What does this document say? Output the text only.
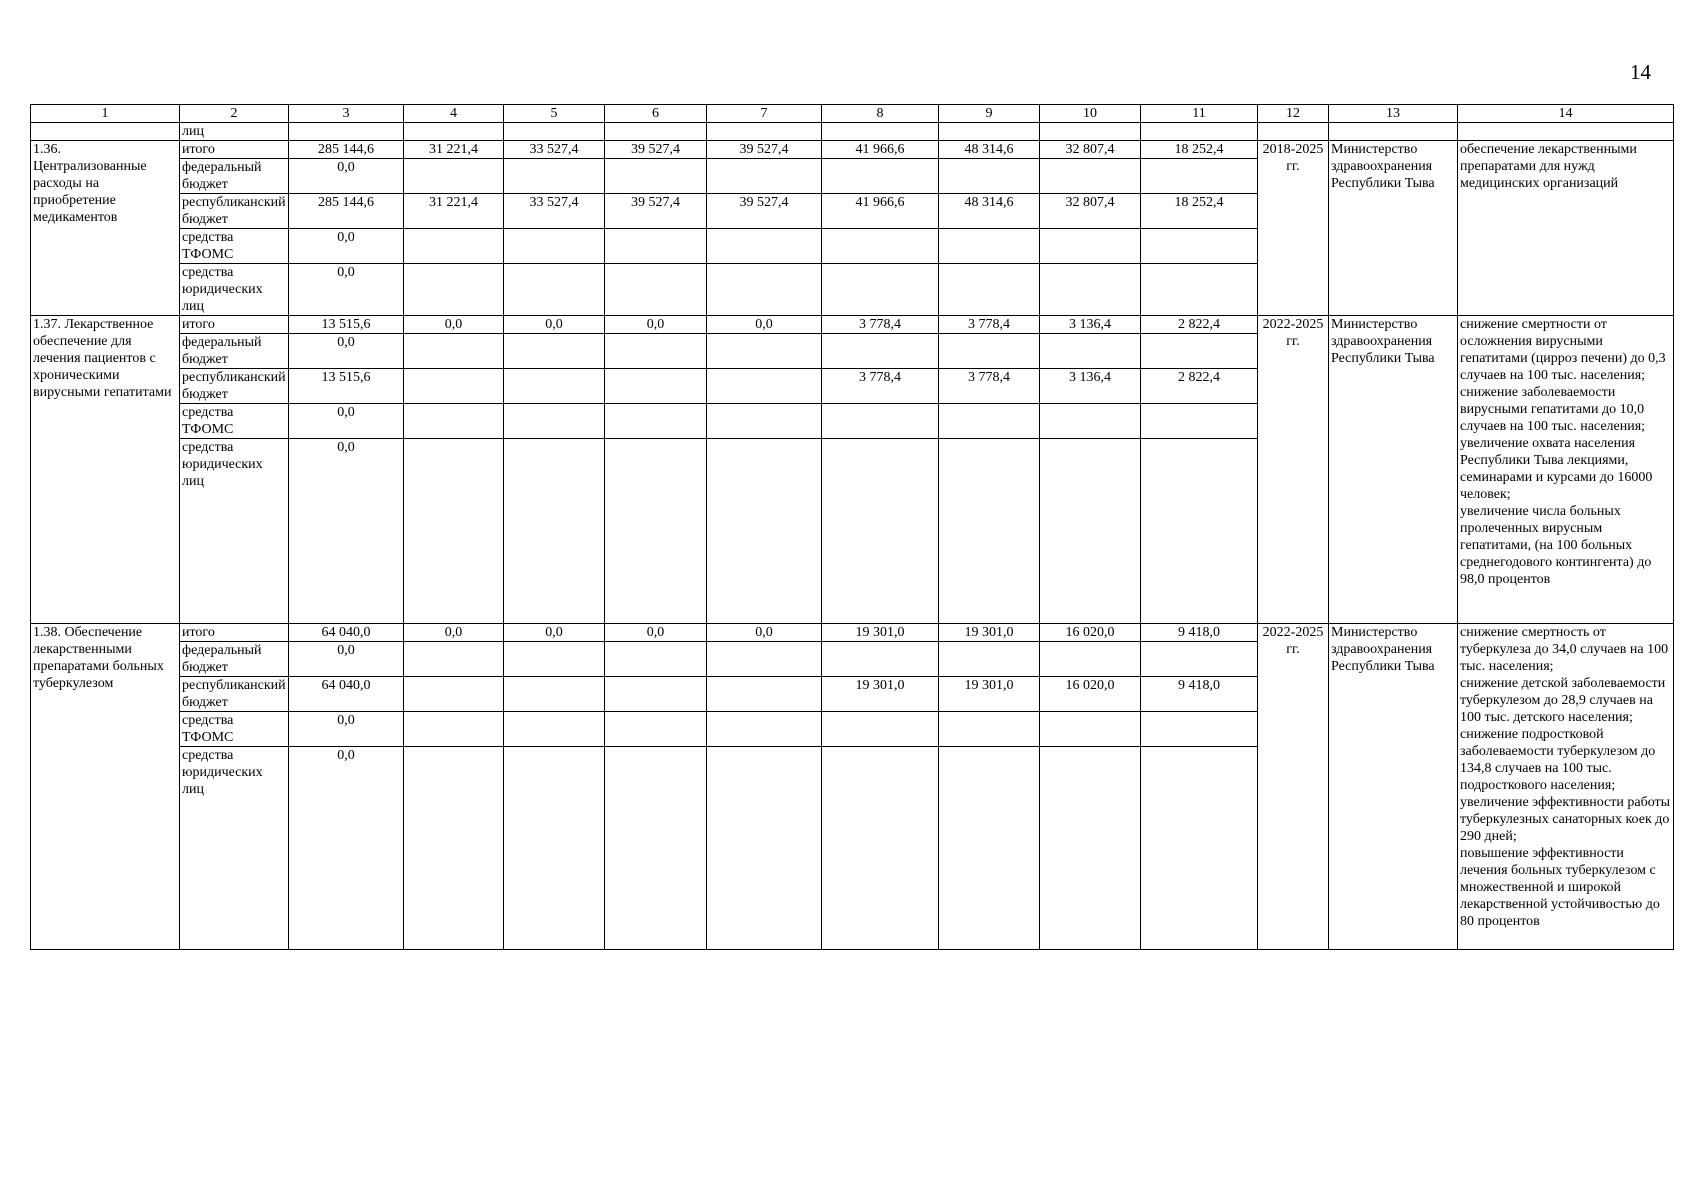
14
1	2	3	4	5	6	7	8	9	10	11	12	13	14
	лиц												
1.36. Централизованные расходы на приобретение медикаментов	итого	285 144,6	31 221,4	33 527,4	39 527,4	39 527,4	41 966,6	48 314,6	32 807,4	18 252,4	2018-2025 гг.	Министерство здравоохранения Республики Тыва	обеспечение лекарственными препаратами для нужд медицинских организаций

	федеральный бюджет	0,0											
	республиканский бюджет	285 144,6	31 221,4	33 527,4	39 527,4	39 527,4	41 966,6	48 314,6	32 807,4	18 252,4			
	средства ТФОМС	0,0											
	средства юридических лиц	0,0											
1.37. Лекарственное обеспечение для лечения пациентов с хроническими вирусными гепатитами	итого	13 515,6	0,0	0,0	0,0	0,0	3 778,4	3 778,4	3 136,4	2 822,4	2022-2025 гг.	Министерство здравоохранения Республики Тыва	снижение смертности от осложнения вирусными гепатитами (цирроз печени) до 0,3 случаев на 100 тыс. населения;
снижение заболеваемости вирусными гепатитами до 10,0 случаев на 100 тыс. населения;
увеличение охвата населения Республики Тыва лекциями, семинарами и курсами до 16000 человек;
увеличение числа больных пролеченных вирусным гепатитами, (на 100 больных среднегодового контингента) до 98,0 процентов

	федеральный бюджет	0,0											
	республиканский бюджет	13 515,6					3 778,4	3 778,4	3 136,4	2 822,4			
	средства ТФОМС	0,0											
	средства юридических лиц	0,0											
1.38. Обеспечение лекарственными препаратами больных туберкулезом	итого	64 040,0	0,0	0,0	0,0	0,0	19 301,0	19 301,0	16 020,0	9 418,0	2022-2025 гг.	Министерство здравоохранения Республики Тыва	снижение смертность от туберкулеза до 34,0 случаев на 100 тыс. населения;
снижение детской заболеваемости туберкулезом до 28,9 случаев на 100 тыс. детского населения;
снижение подростковой заболеваемости туберкулезом до 134,8 случаев на 100 тыс. подросткового населения;
увеличение эффективности работы туберкулезных санаторных коек до 290 дней;
повышение эффективности лечения больных туберкулезом с множественной и широкой лекарственной устойчивостью до 80 процентов

	федеральный бюджет	0,0											
	республиканский бюджет	64 040,0					19 301,0	19 301,0	16 020,0	9 418,0			
	средства ТФОМС	0,0											
	средства юридических лиц	0,0											
